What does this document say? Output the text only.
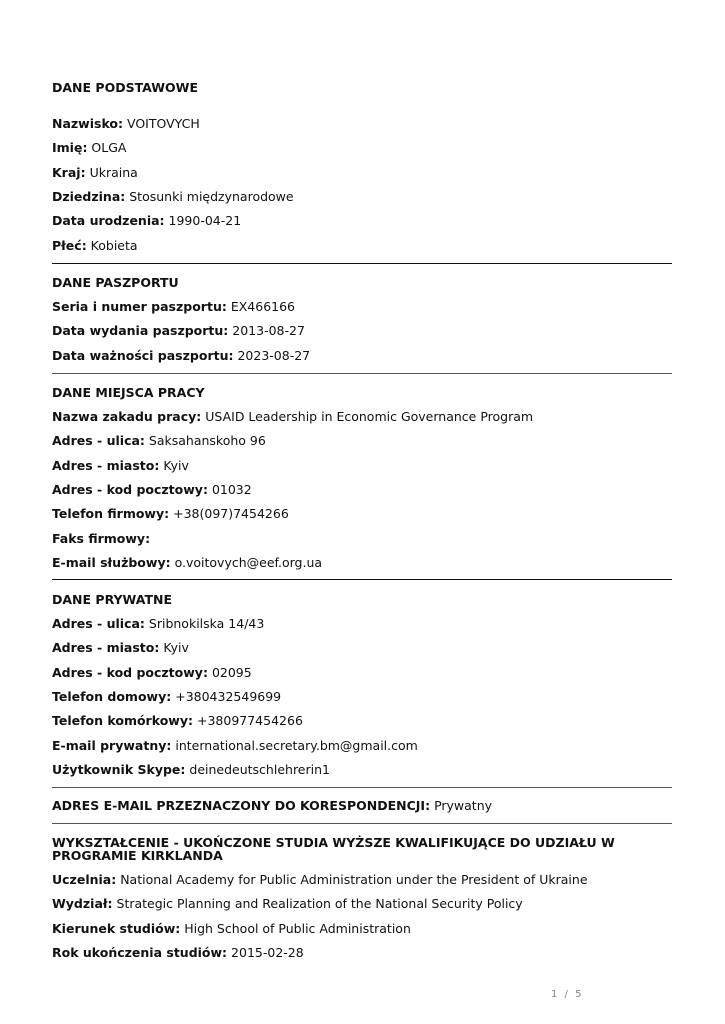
DANE PODSTAWOWE
Nazwisko: VOITOVYCH
Imię: OLGA
Kraj: Ukraina
Dziedzina: Stosunki międzynarodowe
Data urodzenia: 1990-04-21
Płeć: Kobieta
DANE PASZPORTU
Seria i numer paszportu: EX466166
Data wydania paszportu: 2013-08-27
Data ważności paszportu: 2023-08-27
DANE MIEJSCA PRACY
Nazwa zakadu pracy: USAID Leadership in Economic Governance Program
Adres - ulica: Saksahanskoho 96
Adres - miasto: Kyiv
Adres - kod pocztowy: 01032
Telefon firmowy: +38(097)7454266
Faks firmowy:
E-mail służbowy: o.voitovych@eef.org.ua
DANE PRYWATNE
Adres - ulica: Sribnokilska 14/43
Adres - miasto: Kyiv
Adres - kod pocztowy: 02095
Telefon domowy: +380432549699
Telefon komórkowy: +380977454266
E-mail prywatny: international.secretary.bm@gmail.com
Użytkownik Skype: deinedeutschlehrerin1
ADRES E-MAIL PRZEZNACZONY DO KORESPONDENCJI: Prywatny
WYKSZTAŁCENIE - UKOŃCZONE STUDIA WYŻSZE KWALIFIKUJĄCE DO UDZIAŁU W PROGRAMIE KIRKLANDA
Uczelnia: National Academy for Public Administration under the President of Ukraine
Wydział: Strategic Planning and Realization of the National Security Policy
Kierunek studiów: High School of Public Administration
Rok ukończenia studiów: 2015-02-28
1 / 5
